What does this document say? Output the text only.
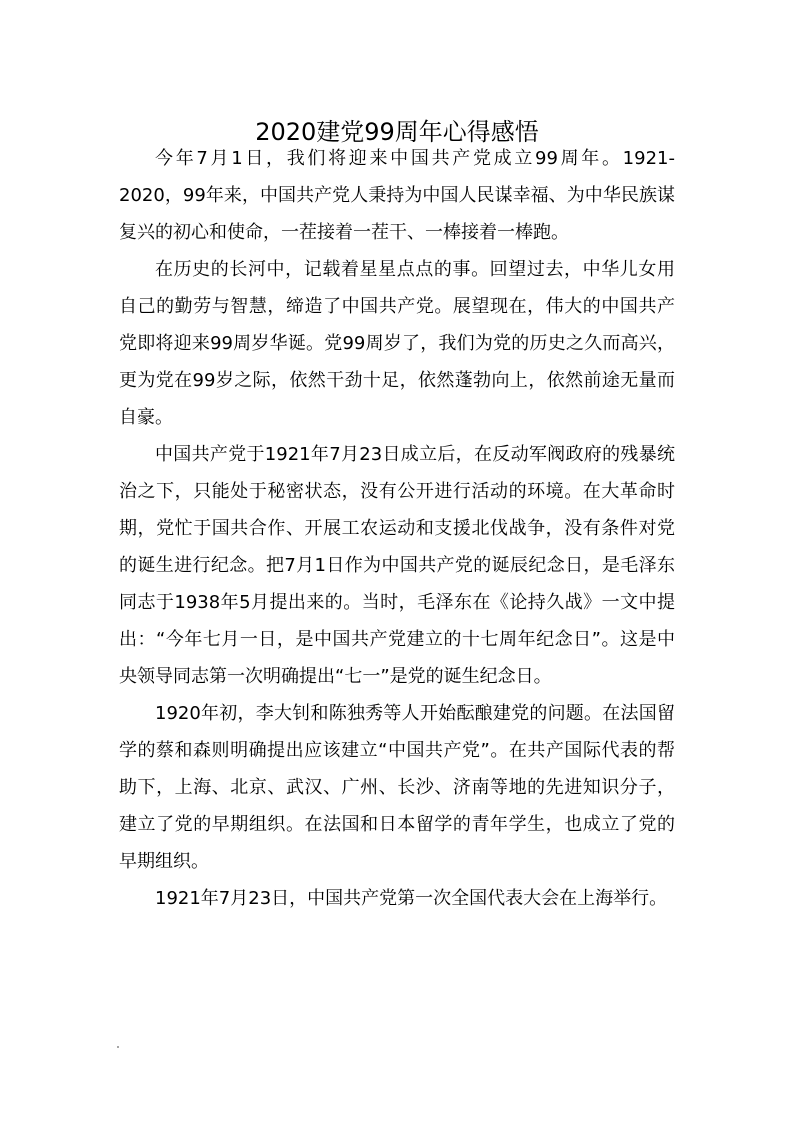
2020建党99周年心得感悟

今年7月1日，我们将迎来中国共产党成立99周年。1921-2020，99年来，中国共产党人秉持为中国人民谋幸福、为中华民族谋复兴的初心和使命，一茬接着一茬干、一棒接着一棒跑。

在历史的长河中，记载着星星点点的事。回望过去，中华儿女用自己的勤劳与智慧，缔造了中国共产党。展望现在，伟大的中国共产党即将迎来99周岁华诞。党99周岁了，我们为党的历史之久而高兴，更为党在99岁之际，依然干劲十足，依然蓬勃向上，依然前途无量而自豪。

中国共产党于1921年7月23日成立后，在反动军阀政府的残暴统治之下，只能处于秘密状态，没有公开进行活动的环境。在大革命时期，党忙于国共合作、开展工农运动和支援北伐战争，没有条件对党的诞生进行纪念。把7月1日作为中国共产党的诞辰纪念日，是毛泽东同志于1938年5月提出来的。当时，毛泽东在《论持久战》一文中提出：“今年七月一日，是中国共产党建立的十七周年纪念日”。这是中央领导同志第一次明确提出“七一”是党的诞生纪念日。

1920年初，李大钊和陈独秀等人开始酝酿建党的问题。在法国留学的蔡和森则明确提出应该建立“中国共产党”。在共产国际代表的帮助下，上海、北京、武汉、广州、长沙、济南等地的先进知识分子，建立了党的早期组织。在法国和日本留学的青年学生，也成立了党的早期组织。

1921年7月23日，中国共产党第一次全国代表大会在上海举行。
